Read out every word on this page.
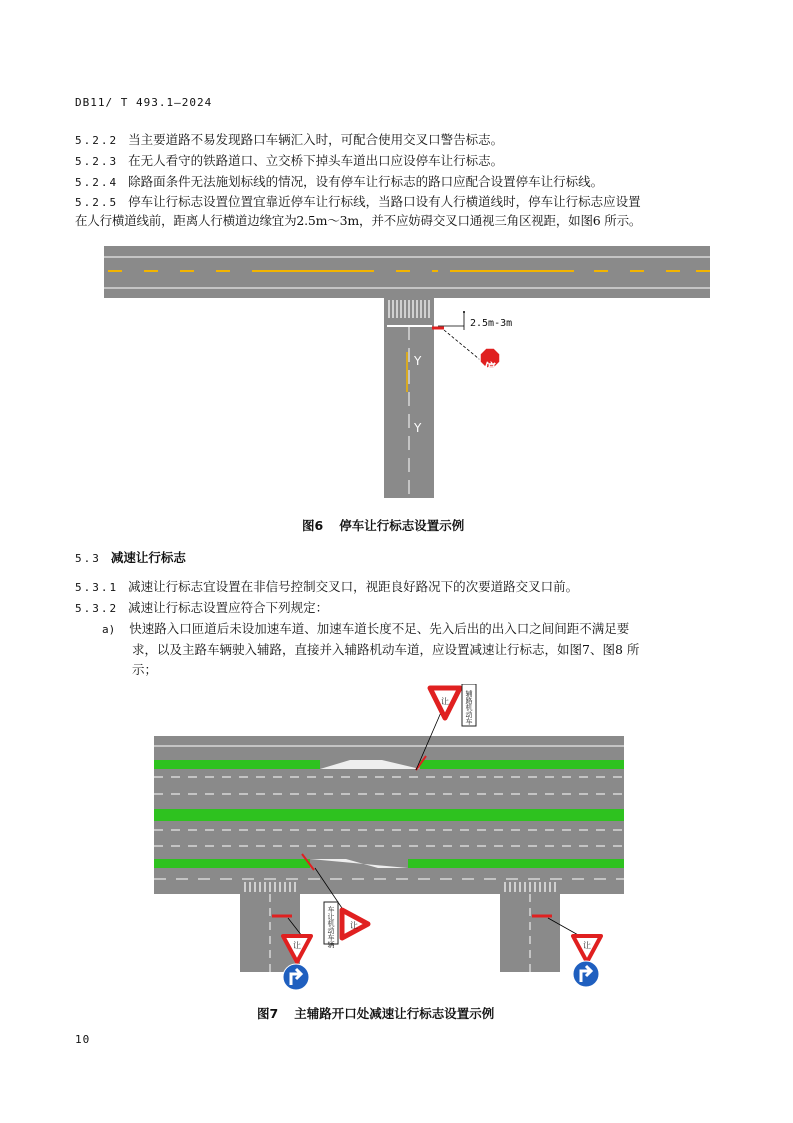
DB11/ T 493.1—2024
5.2.2 当主要道路不易发现路口车辆汇入时，可配合使用交叉口警告标志。
5.2.3 在无人看守的铁路道口、立交桥下掉头车道出口应设停车让行标志。
5.2.4 除路面条件无法施划标线的情况，设有停车让行标志的路口应配合设置停车让行标线。
5.2.5 停车让行标志设置位置宜靠近停车让行标线，当路口设有人行横道线时，停车让行标志应设置
在人行横道线前，距离人行横道边缘宜为2.5m～3m，并不应妨碍交叉口通视三角区视距，如图6 所示。
Y
Y
2.5m-3m
停
图6 停车让行标志设置示例
5.3 减速让行标志
5.3.1 减速让行标志宜设置在非信号控制交叉口，视距良好路况下的次要道路交叉口前。
5.3.2 减速让行标志设置应符合下列规定：
a) 快速路入口匝道后未设加速车道、加速车道长度不足、先入后出的出入口之间间距不满足要
求，以及主路车辆驶入辅路，直接并入辅路机动车道，应设置减速让行标志，如图7、图8 所
示；
让 辅路机动车
车让机动车辆 让
让	让
图7 主辅路开口处减速让行标志设置示例
10
